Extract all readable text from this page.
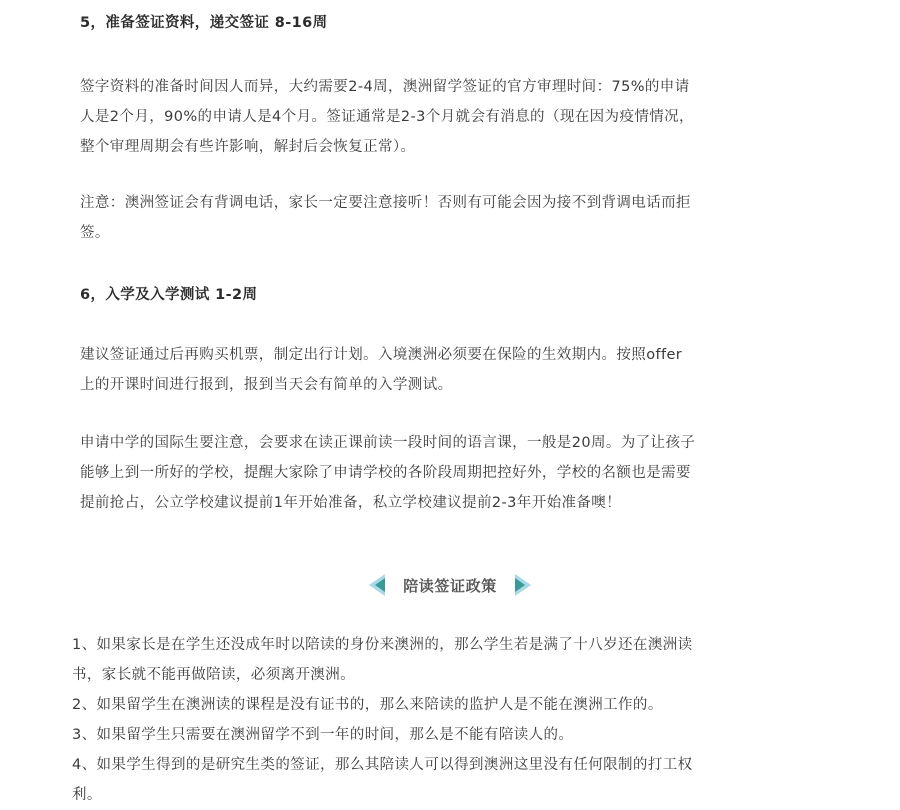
5，准备签证资料，递交签证 8-16周

签字资料的准备时间因人而异，大约需要2-4周，澳洲留学签证的官方审理时间：75%的申请
人是2个月，90%的申请人是4个月。签证通常是2-3个月就会有消息的（现在因为疫情情况，
整个审理周期会有些许影响，解封后会恢复正常）。

注意：澳洲签证会有背调电话，家长一定要注意接听！否则有可能会因为接不到背调电话而拒
签。

6，入学及入学测试 1-2周

建议签证通过后再购买机票，制定出行计划。入境澳洲必须要在保险的生效期内。按照offer
上的开课时间进行报到，报到当天会有简单的入学测试。

申请中学的国际生要注意，会要求在读正课前读一段时间的语言课，一般是20周。为了让孩子
能够上到一所好的学校，提醒大家除了申请学校的各阶段周期把控好外，学校的名额也是需要
提前抢占，公立学校建议提前1年开始准备，私立学校建议提前2-3年开始准备噢！

陪读签证政策
1、如果家长是在学生还没成年时以陪读的身份来澳洲的，那么学生若是满了十八岁还在澳洲读
书，家长就不能再做陪读，必须离开澳洲。
2、如果留学生在澳洲读的课程是没有证书的，那么来陪读的监护人是不能在澳洲工作的。
3、如果留学生只需要在澳洲留学不到一年的时间，那么是不能有陪读人的。
4、如果学生得到的是研究生类的签证，那么其陪读人可以得到澳洲这里没有任何限制的打工权
利。
